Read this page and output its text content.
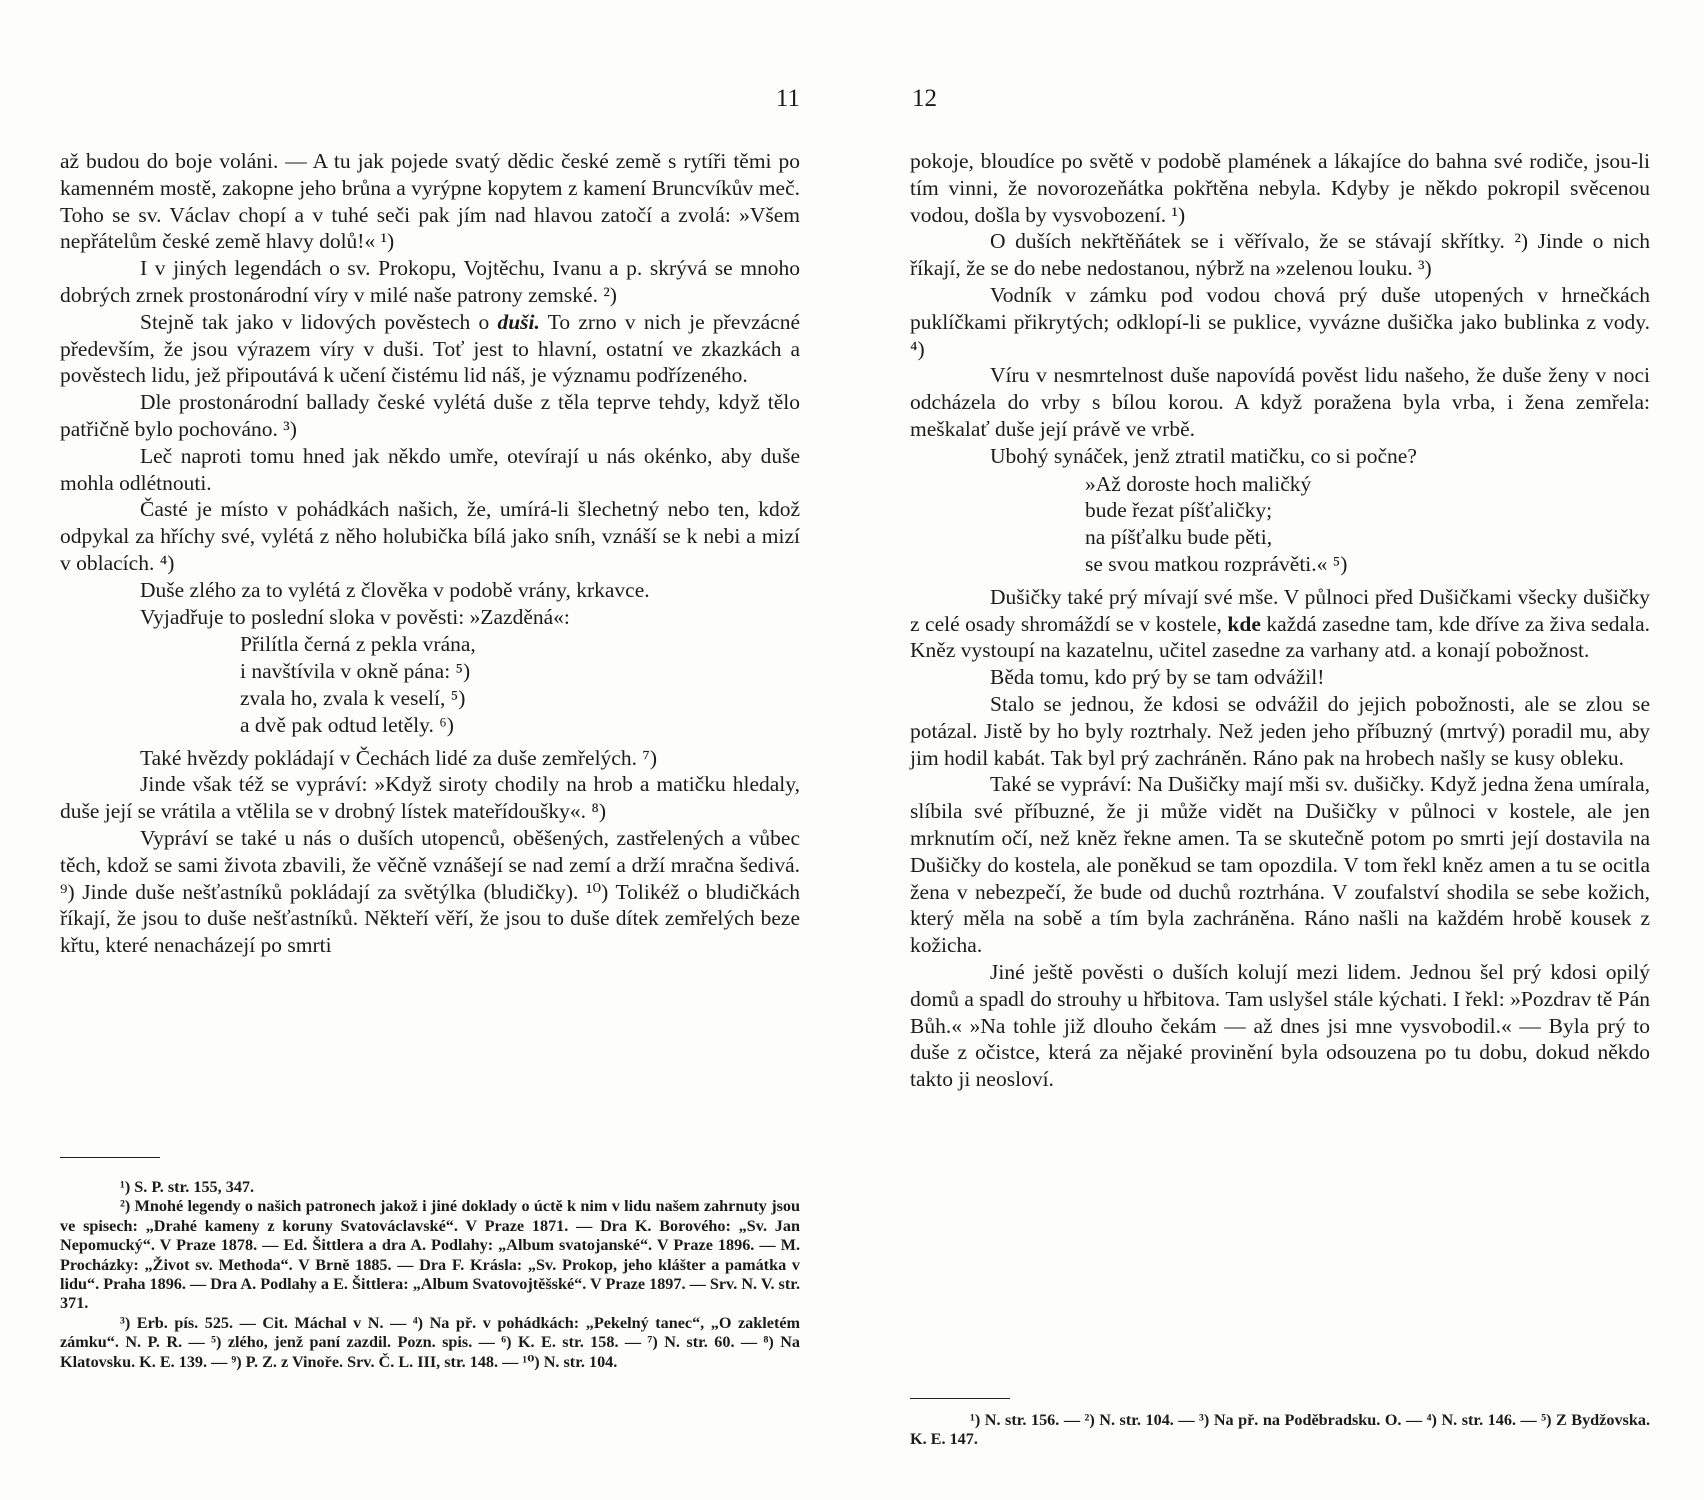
11

až budou do boje voláni. — A tu jak pojede svatý dědic české země s rytíři těmi po kamenném mostě, zakopne jeho brůna a vyrýpne kopytem z kamení Bruncvíkův meč. Toho se sv. Václav chopí a v tuhé seči pak jím nad hlavou zatočí a zvolá: »Všem nepřátelům české země hlavy dolů!« ¹)

I v jiných legendách o sv. Prokopu, Vojtěchu, Ivanu a p. skrývá se mnoho dobrých zrnek prostonárodní víry v milé naše patrony zemské. ²)

Stejně tak jako v lidových pověstech o duši. To zrno v nich je převzácné především, že jsou výrazem víry v duši. Toť jest to hlavní, ostatní ve zkazkách a pověstech lidu, jež připoutává k učení čistému lid náš, je významu podřízeného.

Dle prostonárodní ballady české vylétá duše z těla teprve tehdy, když tělo patřičně bylo pochováno. ³)

Leč naproti tomu hned jak někdo umře, otevírají u nás okénko, aby duše mohla odlétnouti.

Časté je místo v pohádkách našich, že, umírá-li šlechetný nebo ten, kdož odpykal za hříchy své, vylétá z něho holubička bílá jako sníh, vznáší se k nebi a mizí v oblacích. ⁴)

Duše zlého za to vylétá z člověka v podobě vrány, krkavce.

Vyjadřuje to poslední sloka v pověsti: »Zazděná«:

Přilítla černá z pekla vrána,
i navštívila v okně pána: ⁵)
zvala ho, zvala k veselí, ⁵)
a dvě pak odtud letěly. ⁶)

Také hvězdy pokládají v Čechách lidé za duše zemřelých. ⁷)

Jinde však též se vypráví: »Když siroty chodily na hrob a matičku hledaly, duše její se vrátila a vtělila se v drobný lístek mateřídoušky«. ⁸)

Vypráví se také u nás o duších utopenců, oběšených, zastřelených a vůbec těch, kdož se sami života zbavili, že věčně vznášejí se nad zemí a drží mračna šedivá. ⁹) Jinde duše nešťastníků pokládají za světýlka (bludičky). ¹⁰) Tolikéž o bludičkách říkají, že jsou to duše nešťastníků. Někteří věří, že jsou to duše dítek zemřelých beze křtu, které nenacházejí po smrti

¹) S. P. str. 155, 347.

²) Mnohé legendy o našich patronech jakož i jiné doklady o úctě k nim v lidu našem zahrnuty jsou ve spisech: „Drahé kameny z koruny Svatováclavské“. V Praze 1871. — Dra K. Borového: „Sv. Jan Nepomucký“. V Praze 1878. — Ed. Šittlera a dra A. Podlahy: „Album svatojanské“. V Praze 1896. — M. Procházky: „Život sv. Methoda“. V Brně 1885. — Dra F. Krásla: „Sv. Prokop, jeho klášter a památka v lidu“. Praha 1896. — Dra A. Podlahy a E. Šittlera: „Album Svatovojtěšské“. V Praze 1897. — Srv. N. V. str. 371.

³) Erb. pís. 525. — Cit. Máchal v N. — ⁴) Na př. v pohádkách: „Pekelný tanec“, „O zakletém zámku“. N. P. R. — ⁵) zlého, jenž paní zazdil. Pozn. spis. — ⁶) K. E. str. 158. — ⁷) N. str. 60. — ⁸) Na Klatovsku. K. E. 139. — ⁹) P. Z. z Vinoře. Srv. Č. L. III, str. 148. — ¹⁰) N. str. 104.

12

pokoje, bloudíce po světě v podobě plamének a lákajíce do bahna své rodiče, jsou-li tím vinni, že novorozeňátka pokřtěna nebyla. Kdyby je někdo pokropil svěcenou vodou, došla by vysvobození. ¹)

O duších nekřtěňátek se i věřívalo, že se stávají skřítky. ²) Jinde o nich říkají, že se do nebe nedostanou, nýbrž na »zelenou louku. ³)

Vodník v zámku pod vodou chová prý duše utopených v hrnečkách puklíčkami přikrytých; odklopí-li se puklice, vyvázne dušička jako bublinka z vody. ⁴)

Víru v nesmrtelnost duše napovídá pověst lidu našeho, že duše ženy v noci odcházela do vrby s bílou korou. A když poražena byla vrba, i žena zemřela: meškalať duše její právě ve vrbě.

Ubohý synáček, jenž ztratil matičku, co si počne?

»Až doroste hoch maličký
bude řezat píšťaličky;
na píšťalku bude pěti,
se svou matkou rozprávěti.« ⁵)

Dušičky také prý mívají své mše. V půlnoci před Dušičkami všecky dušičky z celé osady shromáždí se v kostele, kde každá zasedne tam, kde dříve za živa sedala. Kněz vystoupí na kazatelnu, učitel zasedne za varhany atd. a konají pobožnost.

Běda tomu, kdo prý by se tam odvážil!

Stalo se jednou, že kdosi se odvážil do jejich pobožnosti, ale se zlou se potázal. Jistě by ho byly roztrhaly. Než jeden jeho příbuzný (mrtvý) poradil mu, aby jim hodil kabát. Tak byl prý zachráněn. Ráno pak na hrobech našly se kusy obleku.

Také se vypráví: Na Dušičky mají mši sv. dušičky. Když jedna žena umírala, slíbila své příbuzné, že ji může vidět na Dušičky v půlnoci v kostele, ale jen mrknutím očí, než kněz řekne amen. Ta se skutečně potom po smrti její dostavila na Dušičky do kostela, ale poněkud se tam opozdila. V tom řekl kněz amen a tu se ocitla žena v nebezpečí, že bude od duchů roztrhána. V zoufalství shodila se sebe kožich, který měla na sobě a tím byla zachráněna. Ráno našli na každém hrobě kousek z kožicha.

Jiné ještě pověsti o duších kolují mezi lidem. Jednou šel prý kdosi opilý domů a spadl do strouhy u hřbitova. Tam uslyšel stále kýchati. I řekl: »Pozdrav tě Pán Bůh.« »Na tohle již dlouho čekám — až dnes jsi mne vysvobodil.« — Byla prý to duše z očistce, která za nějaké provinění byla odsouzena po tu dobu, dokud někdo takto ji neosloví.

¹) N. str. 156. — ²) N. str. 104. — ³) Na př. na Poděbradsku. O. — ⁴) N. str. 146. — ⁵) Z Bydžovska. K. E. 147.
